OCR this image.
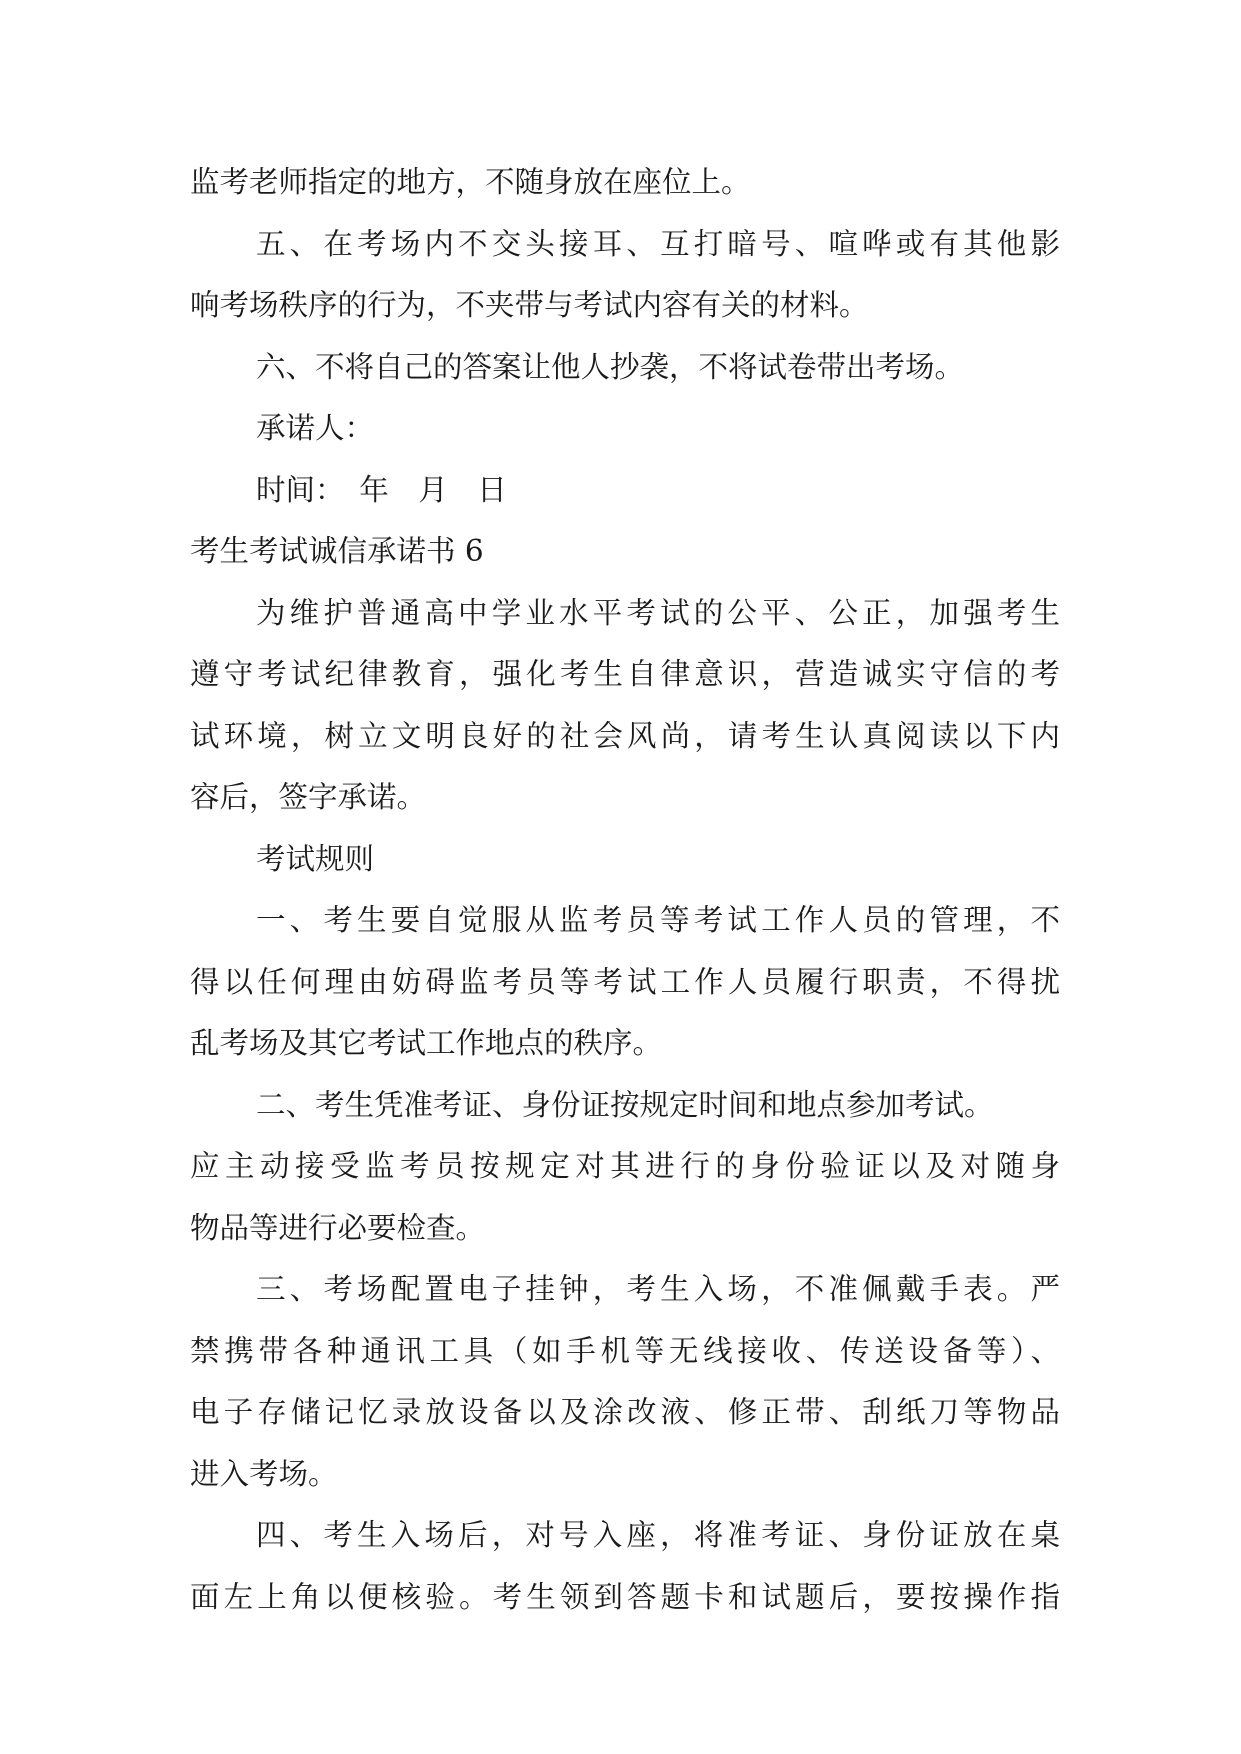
监考老师指定的地方，不随身放在座位上。
五、在考场内不交头接耳、互打暗号、喧哗或有其他影
响考场秩序的行为，不夹带与考试内容有关的材料。
六、不将自己的答案让他人抄袭，不将试卷带出考场。
承诺人：
时间：　年　月　日
考生考试诚信承诺书 6
为维护普通高中学业水平考试的公平、公正，加强考生
遵守考试纪律教育，强化考生自律意识，营造诚实守信的考
试环境，树立文明良好的社会风尚，请考生认真阅读以下内
容后，签字承诺。
考试规则
一、考生要自觉服从监考员等考试工作人员的管理，不
得以任何理由妨碍监考员等考试工作人员履行职责，不得扰
乱考场及其它考试工作地点的秩序。
二、考生凭准考证、身份证按规定时间和地点参加考试。
应主动接受监考员按规定对其进行的身份验证以及对随身
物品等进行必要检查。
三、考场配置电子挂钟，考生入场，不准佩戴手表。严
禁携带各种通讯工具（如手机等无线接收、传送设备等）、
电子存储记忆录放设备以及涂改液、修正带、刮纸刀等物品
进入考场。
四、考生入场后，对号入座，将准考证、身份证放在桌
面左上角以便核验。考生领到答题卡和试题后，要按操作指
